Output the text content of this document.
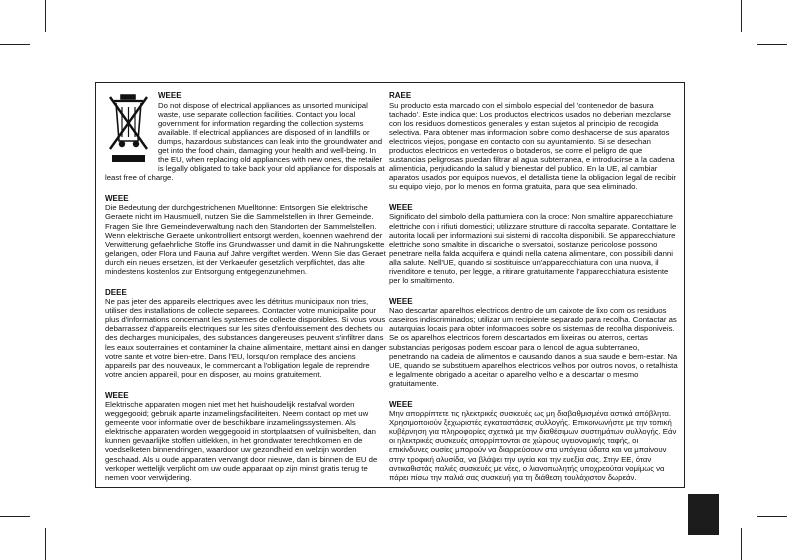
WEEE
Do not dispose of electrical appliances as unsorted municipal waste, use separate collection facilities. Contact you local government for information regarding the collection systems available. If electrical appliances are disposed of in landfills or dumps, hazardous substances can leak into the groundwater and get into the food chain, damaging your health and well-being. In the EU, when replacing old appliances with new ones, the retailer is legally obligated to take back your old appliance for disposals at least free of charge.
WEEE
Die Bedeutung der durchgestrichenen Muelltonne: Entsorgen Sie elektrische Geraete nicht im Hausmuell, nutzen Sie die Sammelstellen in Ihrer Gemeinde. Fragen Sie Ihre Gemeindeverwaltung nach den Standorten der Sammelstellen. Wenn elektrische Geraete unkontrolliert entsorgt werden, koennen waehrend der Verwitterung gefaehrliche Stoffe ins Grundwasser und damit in die Nahrungskette gelangen, oder Flora und Fauna auf Jahre vergiftet werden. Wenn Sie das Geraet durch ein neues ersetzen, ist der Verkaeufer gesetzlich verpflichtet, das alte mindestens kostenlos zur Entsorgung entgegenzunehmen.
DEEE
Ne pas jeter des appareils electriques avec les détritus municipaux non tries, utiliser des installations de collecte separees. Contacter votre municipalite pour plus d'informations concernant les systemes de collecte disponibles. Si vous vous debarrassez d'appareils electriques sur les sites d'enfouissement des dechets ou des decharges municipales, des substances dangereuses peuvent s'infiltrer dans les eaux souterraines et contaminer la chaine alimentaire, mettant ainsi en danger votre sante et votre bien-etre. Dans l'EU, lorsqu'on remplace des anciens appareils par des nouveaux, le commercant a l'obligation legale de reprendre votre ancien appareil, pour en disposer, au moins gratuitement.
WEEE
Elektrische apparaten mogen niet met het huishoudelijk restafval worden weggegooid; gebruik aparte inzamelingsfaciliteiten. Neem contact op met uw gemeente voor informatie over de beschikbare inzamelingssystemen. Als elektrische apparaten worden weggegooid in stortplaatsen of vuilnisbelten, dan kunnen gevaarlijke stoffen uitlekken, in het grondwater terechtkomen en de voedselketen binnendringen, waardoor uw gezondheid en welzijn worden geschaad. Als u oude apparaten vervangt door nieuwe, dan is binnen de EU de verkoper wettelijk verplicht om uw oude apparaat op zijn minst gratis terug te nemen voor verwijdering.
RAEE
Su producto esta marcado con el simbolo especial del 'contenedor de basura tachado'. Este indica que: Los productos electricos usados no deberian mezclarse con los residuos domesticos generales y estan sujetos al principio de recogida selectiva. Para obtener mas informacion sobre como deshacerse de sus aparatos electricos viejos, pongase en contacto con su ayuntamiento. Si se desechan productos electricos en vertederos o botaderos, se corre el peligro de que sustancias peligrosas puedan filtrar al agua subterranea, e introducirse a la cadena alimenticia, perjudicando la salud y bienestar del publico. En la UE, al cambiar aparatos usados por equipos nuevos, el detallista tiene la obligacion legal de recibir su equipo viejo, por lo menos en forma gratuita, para que sea eliminado.
WEEE
Significato del simbolo della pattumiera con la croce: Non smaltire apparecchiature elettriche con i rifiuti domestici; utilizzare strutture di raccolta separate. Contattare le autorita locali per informazioni sui sistemi di raccolta disponibili. Se apparecchiature elettriche sono smaltite in discariche o sversatoi, sostanze pericolose possono penetrare nella falda acquifera e quindi nella catena alimentare, con possibili danni alla salute. Nell'UE, quando si sostituisce un'apparecchiatura con una nuova, il rivenditore e tenuto, per legge, a ritirare gratuitamente l'apparecchiatura esistente per lo smaltimento.
WEEE
Nao descartar aparelhos electricos dentro de um caixote de lixo com os residuos caseiros indiscriminados; utilizar um recipiente separado para recolha. Contactar as autarquias locais para obter informacoes sobre os sistemas de recolha disponiveis. Se os aparelhos electricos forem descartados em lixeiras ou aterros, certas substancias perigosas podem escoar para o lencol de agua subterraneo, penetrando na cadeia de alimentos e causando danos a sua saude e bem-estar. Na UE, quando se substituem aparelhos electricos velhos por outros novos, o retalhista e legalmente obrigado a aceitar o aparelho velho e a descartar o mesmo gratuitamente.
WEEE
Μην απορρίπτετε τις ηλεκτρικές συσκευές ως μη διαβαθμισμένα αστικά απόβλητα. Χρησιμοποιούν ξεχωριστές εγκαταστάσεις συλλογής. Επικοινωνήστε με την τοπική κυβέρνηση για πληροφορίες σχετικά με την διαθέσιμων συστημάτων συλλογής. Εάν οι ηλεκτρικές συσκευές απορρίπτονται σε χώρους υγειονομικής ταφής, οι επικίνδυνες ουσίες μπορούν να διαρρεύσουν στα υπόγεια ύδατα και να μπαίνουν στην τροφική αλυσίδα, να βλάψει την υγεία και την ευεξία σας. Στην ΕΕ, όταν αντικαθιστάς παλιές συσκευές με νέες, ο λιανοπωλητής υποχρεούται νομίμως να πάρει πίσω την παλιά σας συσκευή για τη διάθεση τουλάχιστον δωρεάν.
